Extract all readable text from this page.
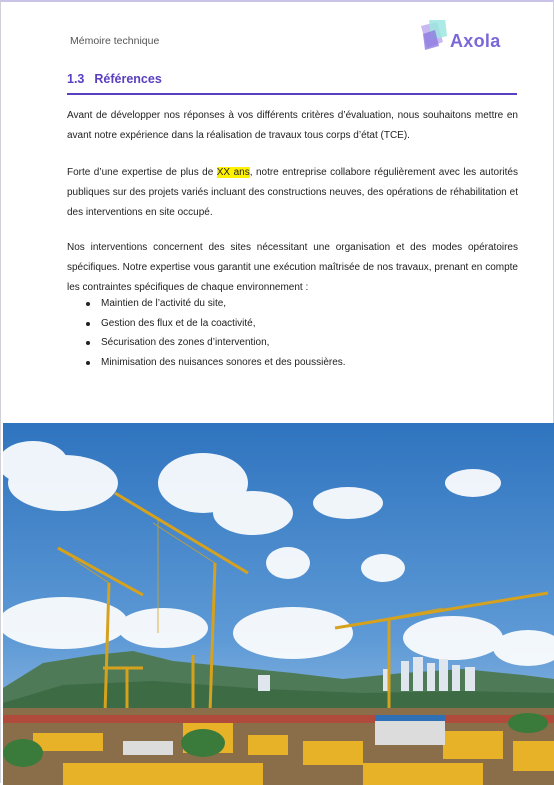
Mémoire technique	Axola
1.3 Références
Avant de développer nos réponses à vos différents critères d’évaluation, nous souhaitons mettre en avant notre expérience dans la réalisation de travaux tous corps d’état (TCE).
Forte d’une expertise de plus de XX ans, notre entreprise collabore régulièrement avec les autorités publiques sur des projets variés incluant des constructions neuves, des opérations de réhabilitation et des interventions en site occupé.
Nos interventions concernent des sites nécessitant une organisation et des modes opératoires spécifiques. Notre expertise vous garantit une exécution maîtrisée de nos travaux, prenant en compte les contraintes spécifiques de chaque environnement :
Maintien de l’activité du site,
Gestion des flux et de la coactivité,
Sécurisation des zones d’intervention,
Minimisation des nuisances sonores et des poussières.
